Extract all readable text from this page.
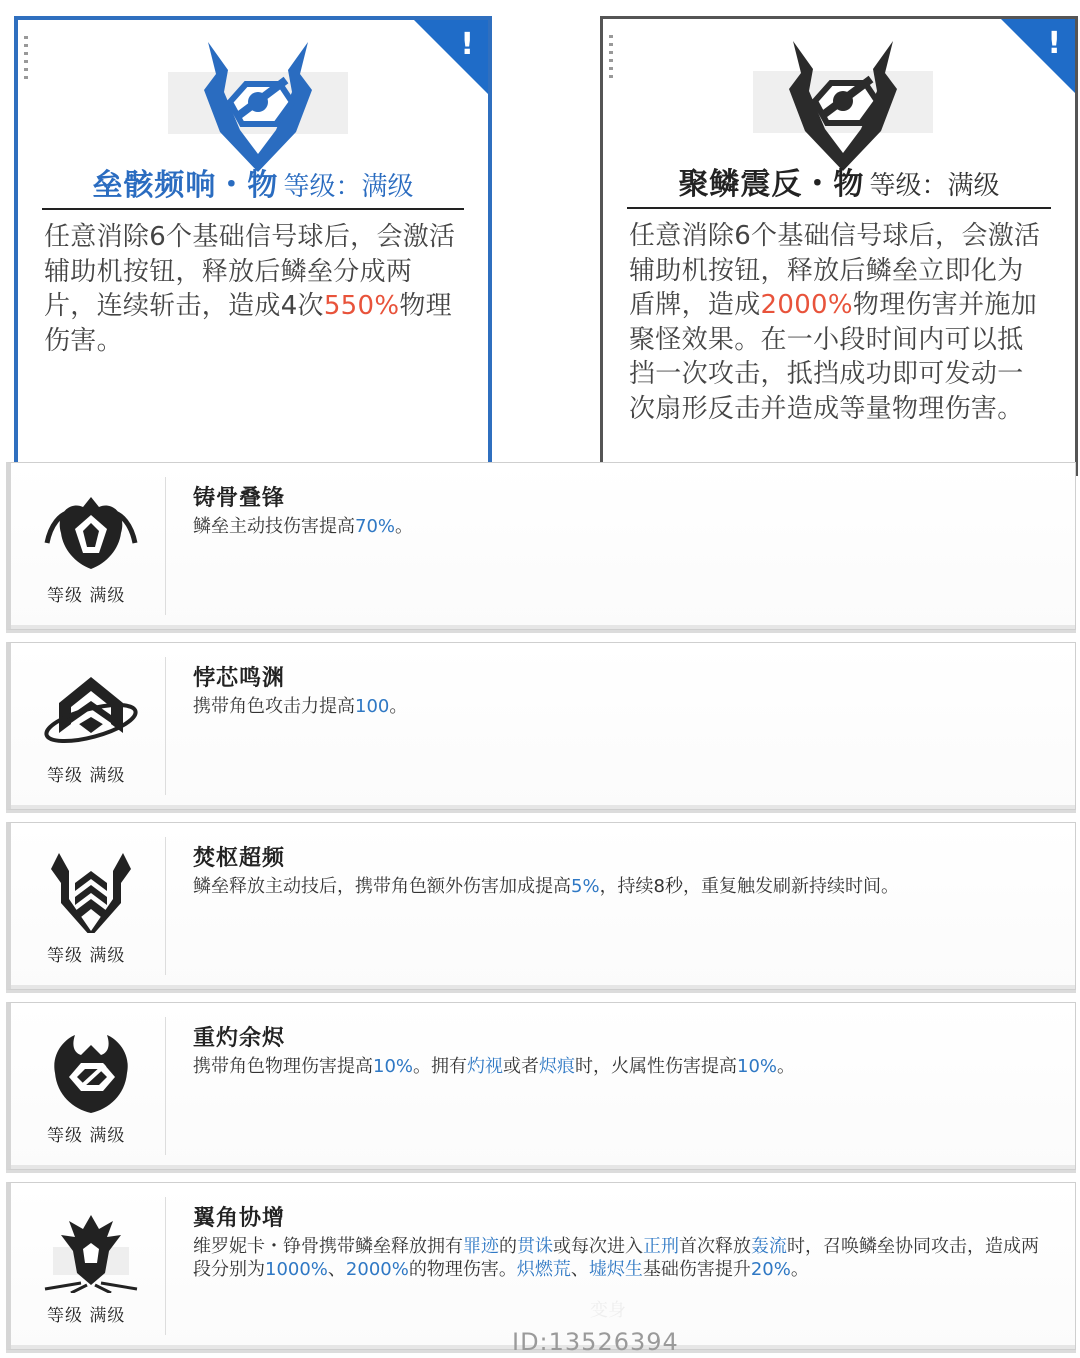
!
垒骸频响・物 等级：满级
任意消除6个基础信号球后，会激活辅助机按钮，释放后鳞垒分成两片，连续斩击，造成4次550%物理伤害。
!
聚鳞震反・物 等级：满级
任意消除6个基础信号球后，会激活辅助机按钮，释放后鳞垒立即化为盾牌，造成2000%物理伤害并施加聚怪效果。在一小段时间内可以抵挡一次攻击，抵挡成功即可发动一次扇形反击并造成等量物理伤害。
等级 满级
铸骨叠锋
鳞垒主动技伤害提高70%。
等级 满级
悖芯鸣渊
携带角色攻击力提高100。
等级 满级
焚枢超频
鳞垒释放主动技后，携带角色额外伤害加成提高5%，持续8秒，重复触发刷新持续时间。
等级 满级
重灼余烬
携带角色物理伤害提高10%。拥有灼视或者烬痕时，火属性伤害提高10%。
等级 满级
翼角协增
维罗妮卡・铮骨携带鳞垒释放拥有罪迹的贯诛或每次进入正刑首次释放轰流时，召唤鳞垒协同攻击，造成两段分别为1000%、2000%的物理伤害。炽燃荒、墟烬生基础伤害提升20%。
变身
ID:13526394
